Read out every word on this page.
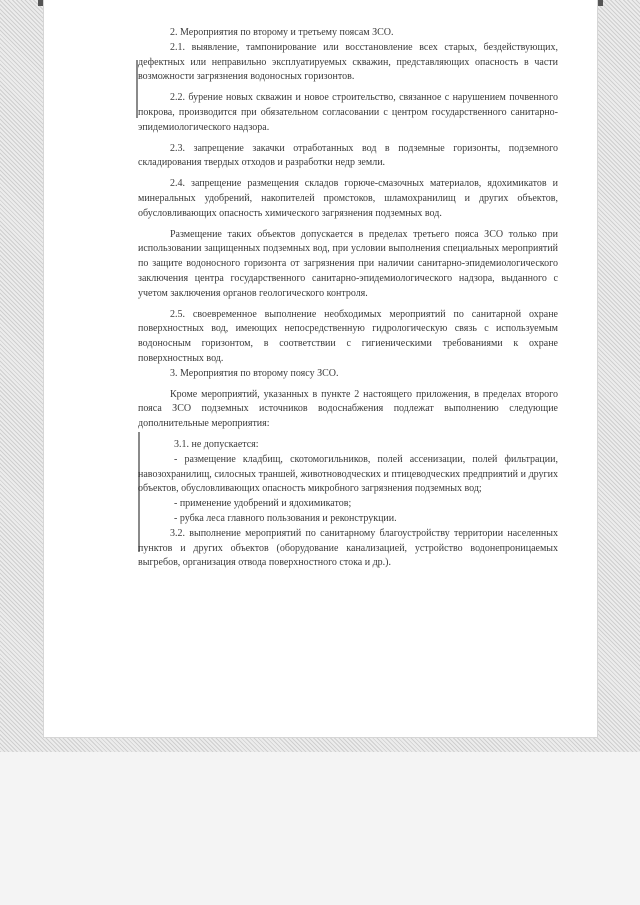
2. Мероприятия по второму и третьему поясам ЗСО.

2.1. выявление, тампонирование или восстановление всех старых, бездействующих, дефектных или неправильно эксплуатируемых скважин, представляющих опасность в части возможности загрязнения водоносных горизонтов.

2.2. бурение новых скважин и новое строительство, связанное с нарушением почвенного покрова, производится при обязательном согласовании с центром государственного санитарно-эпидемиологического надзора.

2.3. запрещение закачки отработанных вод в подземные горизонты, подземного складирования твердых отходов и разработки недр земли.

2.4. запрещение размещения складов горюче-смазочных материалов, ядохимикатов и минеральных удобрений, накопителей промстоков, шламохранилищ и других объектов, обусловливающих опасность химического загрязнения подземных вод.

Размещение таких объектов допускается в пределах третьего пояса ЗСО только при использовании защищенных подземных вод, при условии выполнения специальных мероприятий по защите водоносного горизонта от загрязнения при наличии санитарно-эпидемиологического заключения центра государственного санитарно-эпидемиологического надзора, выданного с учетом заключения органов геологического контроля.

2.5. своевременное выполнение необходимых мероприятий по санитарной охране поверхностных вод, имеющих непосредственную гидрологическую связь с используемым водоносным горизонтом, в соответствии с гигиеническими требованиями к охране поверхностных вод.

3. Мероприятия по второму поясу ЗСО.

Кроме мероприятий, указанных в пункте 2 настоящего приложения, в пределах второго пояса ЗСО подземных источников водоснабжения подлежат выполнению следующие дополнительные мероприятия:

3.1. не допускается:

- размещение кладбищ, скотомогильников, полей ассенизации, полей фильтрации, навозохранилищ, силосных траншей, животноводческих и птицеводческих предприятий и других объектов, обусловливающих опасность микробного загрязнения подземных вод;

- применение удобрений и ядохимикатов;

- рубка леса главного пользования и реконструкции.

3.2. выполнение мероприятий по санитарному благоустройству территории населенных пунктов и других объектов (оборудование канализацией, устройство водонепроницаемых выгребов, организация отвода поверхностного стока и др.).
